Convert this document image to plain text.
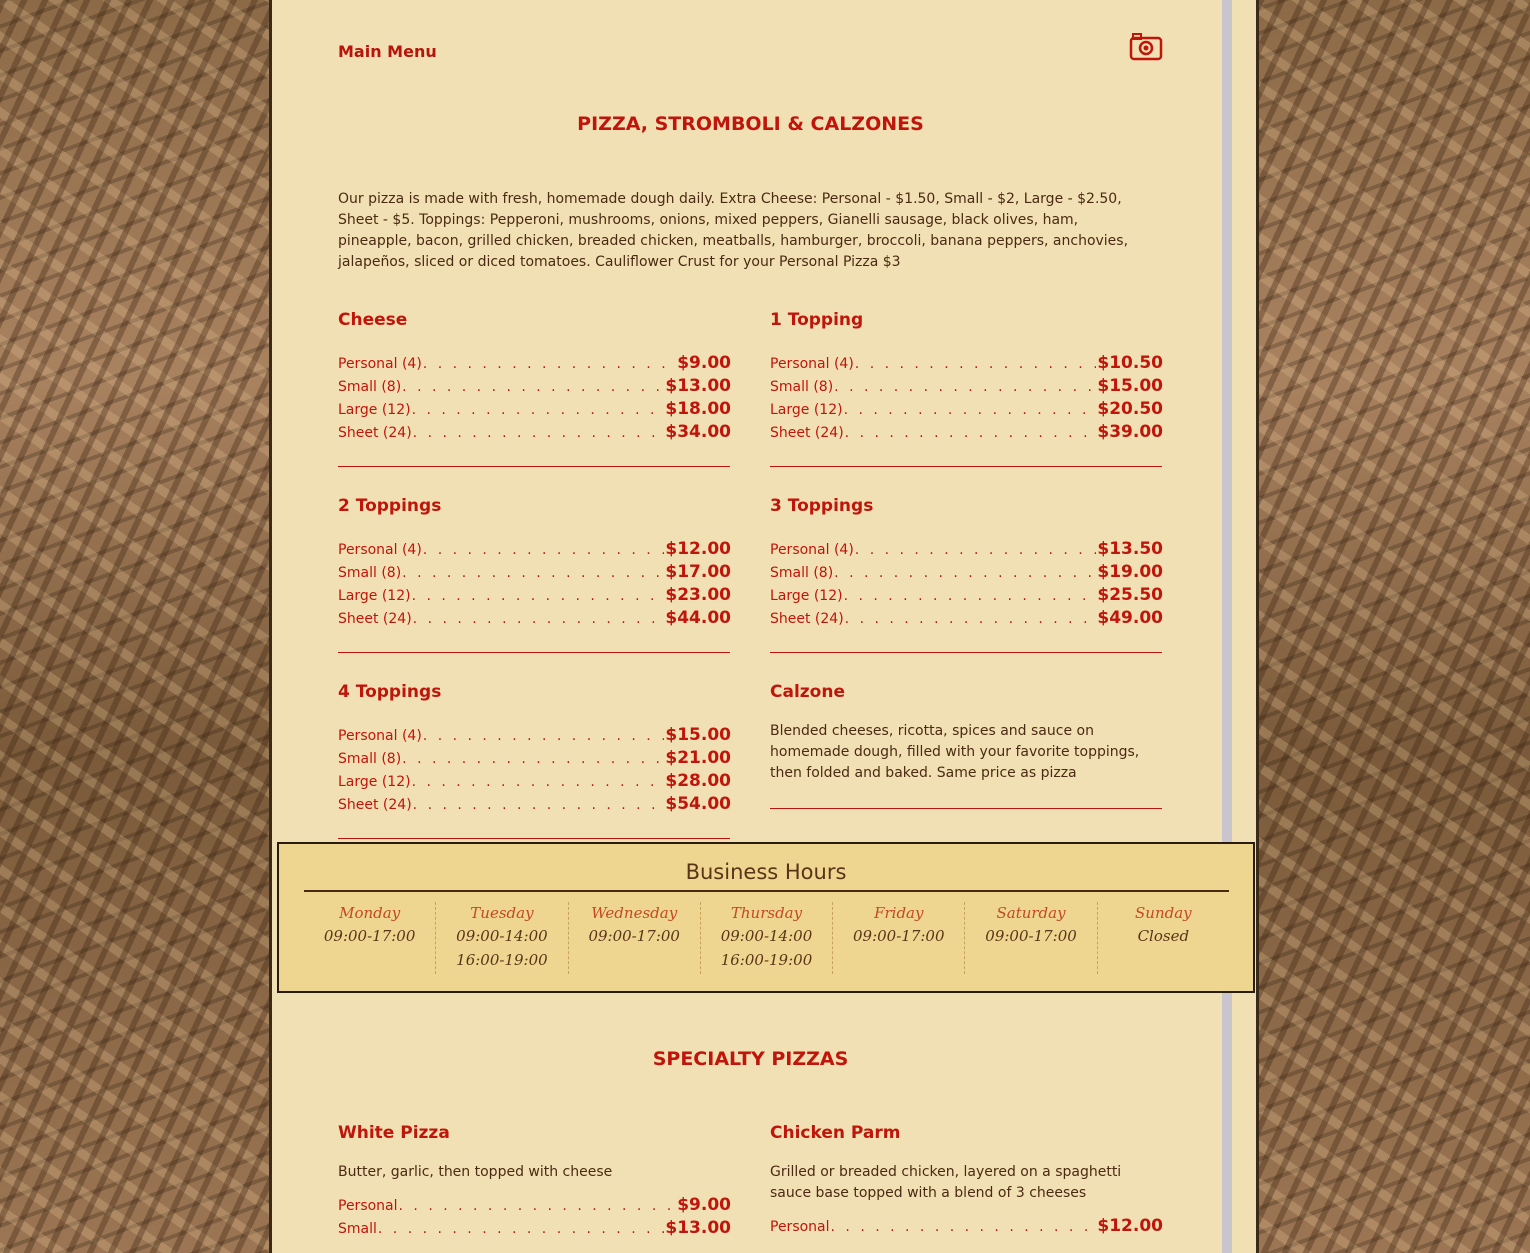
Main Menu
PIZZA, STROMBOLI & CALZONES
Our pizza is made with fresh, homemade dough daily. Extra Cheese: Personal - $1.50, Small - $2, Large - $2.50, Sheet - $5. Toppings: Pepperoni, mushrooms, onions, mixed peppers, Gianelli sausage, black olives, ham, pineapple, bacon, grilled chicken, breaded chicken, meatballs, hamburger, broccoli, banana peppers, anchovies, jalapeños, sliced or diced tomatoes. Cauliflower Crust for your Personal Pizza $3
Cheese
Personal (4) . . .	$9.00
Small (8) . . .	$13.00
Large (12) . . .	$18.00
Sheet (24) . . .	$34.00
1 Topping
Personal (4) . . .	$10.50
Small (8) . . .	$15.00
Large (12) . . .	$20.50
Sheet (24) . . .	$39.00
2 Toppings
Personal (4) . . .	$12.00
Small (8) . . .	$17.00
Large (12) . . .	$23.00
Sheet (24) . . .	$44.00
3 Toppings
Personal (4) . . .	$13.50
Small (8) . . .	$19.00
Large (12) . . .	$25.50
Sheet (24) . . .	$49.00
4 Toppings
Personal (4) . . .	$15.00
Small (8) . . .	$21.00
Large (12) . . .	$28.00
Sheet (24) . . .	$54.00
Calzone
Blended cheeses, ricotta, spices and sauce on homemade dough, filled with your favorite toppings, then folded and baked. Same price as pizza
Business Hours
Monday
09:00-17:00
Tuesday
09:00-14:00
16:00-19:00
Wednesday
09:00-17:00
Thursday
09:00-14:00
16:00-19:00
Friday
09:00-17:00
Saturday
09:00-17:00
Sunday
Closed
SPECIALTY PIZZAS
White Pizza
Butter, garlic, then topped with cheese
Personal . . .	$9.00
Small . . .	$13.00
Chicken Parm
Grilled or breaded chicken, layered on a spaghetti sauce base topped with a blend of 3 cheeses
Personal . . .	$12.00
